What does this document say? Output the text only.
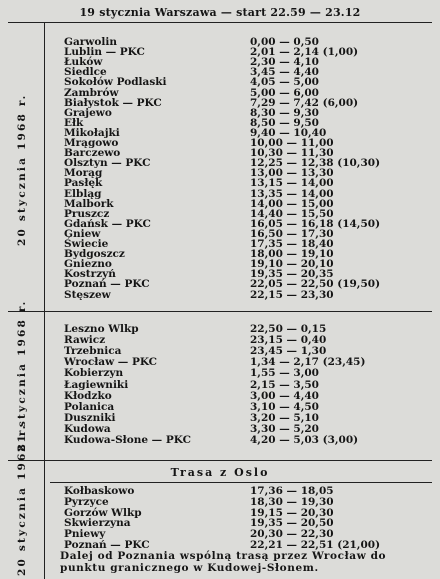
19 stycznia Warszawa — start 22.59 — 23.12
20 stycznia 1968 r.
Garwolin	0,00 — 0,50
Lublin — PKC	2,01 — 2,14 (1,00)
Łuków	2,30 — 4,10
Siedlce	3,45 — 4,40
Sokołów Podlaski	4,05 — 5,00
Zambrów	5,00 — 6,00
Białystok — PKC	7,29 — 7,42 (6,00)
Grajewo	8,30 — 9,30
Ełk	8,50 — 9,50
Mikołajki	9,40 — 10,40
Mrągowo	10,00 — 11,00
Barczewo	10,30 — 11,30
Olsztyn — PKC	12,25 — 12,38 (10,30)
Morąg	13,00 — 13,30
Pasłęk	13,15 — 14,00
Elbląg	13,35 — 14,00
Malbork	14,00 — 15,00
Pruszcz	14,40 — 15,50
Gdańsk — PKC	16,05 — 16,18 (14,50)
Gniew	16,50 — 17,30
Świecie	17,35 — 18,40
Bydgoszcz	18,00 — 19,10
Gniezno	19,10 — 20,10
Kostrzyń	19,35 — 20,35
Poznań — PKC	22,05 — 22,50 (19,50)
Stęszew	22,15 — 23,30
21 stycznia 1968 r.	Leszno Wlkp	22,50 — 0,15
Rawicz	23,15 — 0,40
Trzebnica	23,45 — 1,30
Wrocław — PKC	1,34 — 2,17 (23,45)
Kobierzyn	1,55 — 3,00
Łagiewniki	2,15 — 3,50
Kłodzko	3,00 — 4,40
Polanica	3,10 — 4,50
Duszniki	3,20 — 5,10
Kudowa	3,30 — 5,20
Kudowa-Słone — PKC	4,20 — 5,03 (3,00)
20 stycznia 1968 r.	Trasa z Oslo
Kołbaskowo	17,36 — 18,05
Pyrzyce	18,30 — 19,30
Gorzów Wlkp	19,15 — 20,30
Skwierzyna	19,35 — 20,50
Pniewy	20,30 — 22,30
Poznań — PKC	22,21 — 22,51 (21,00)
Dalej od Poznania wspólną trasą przez Wrocław do punktu granicznego w Kudowej-Słonem.
